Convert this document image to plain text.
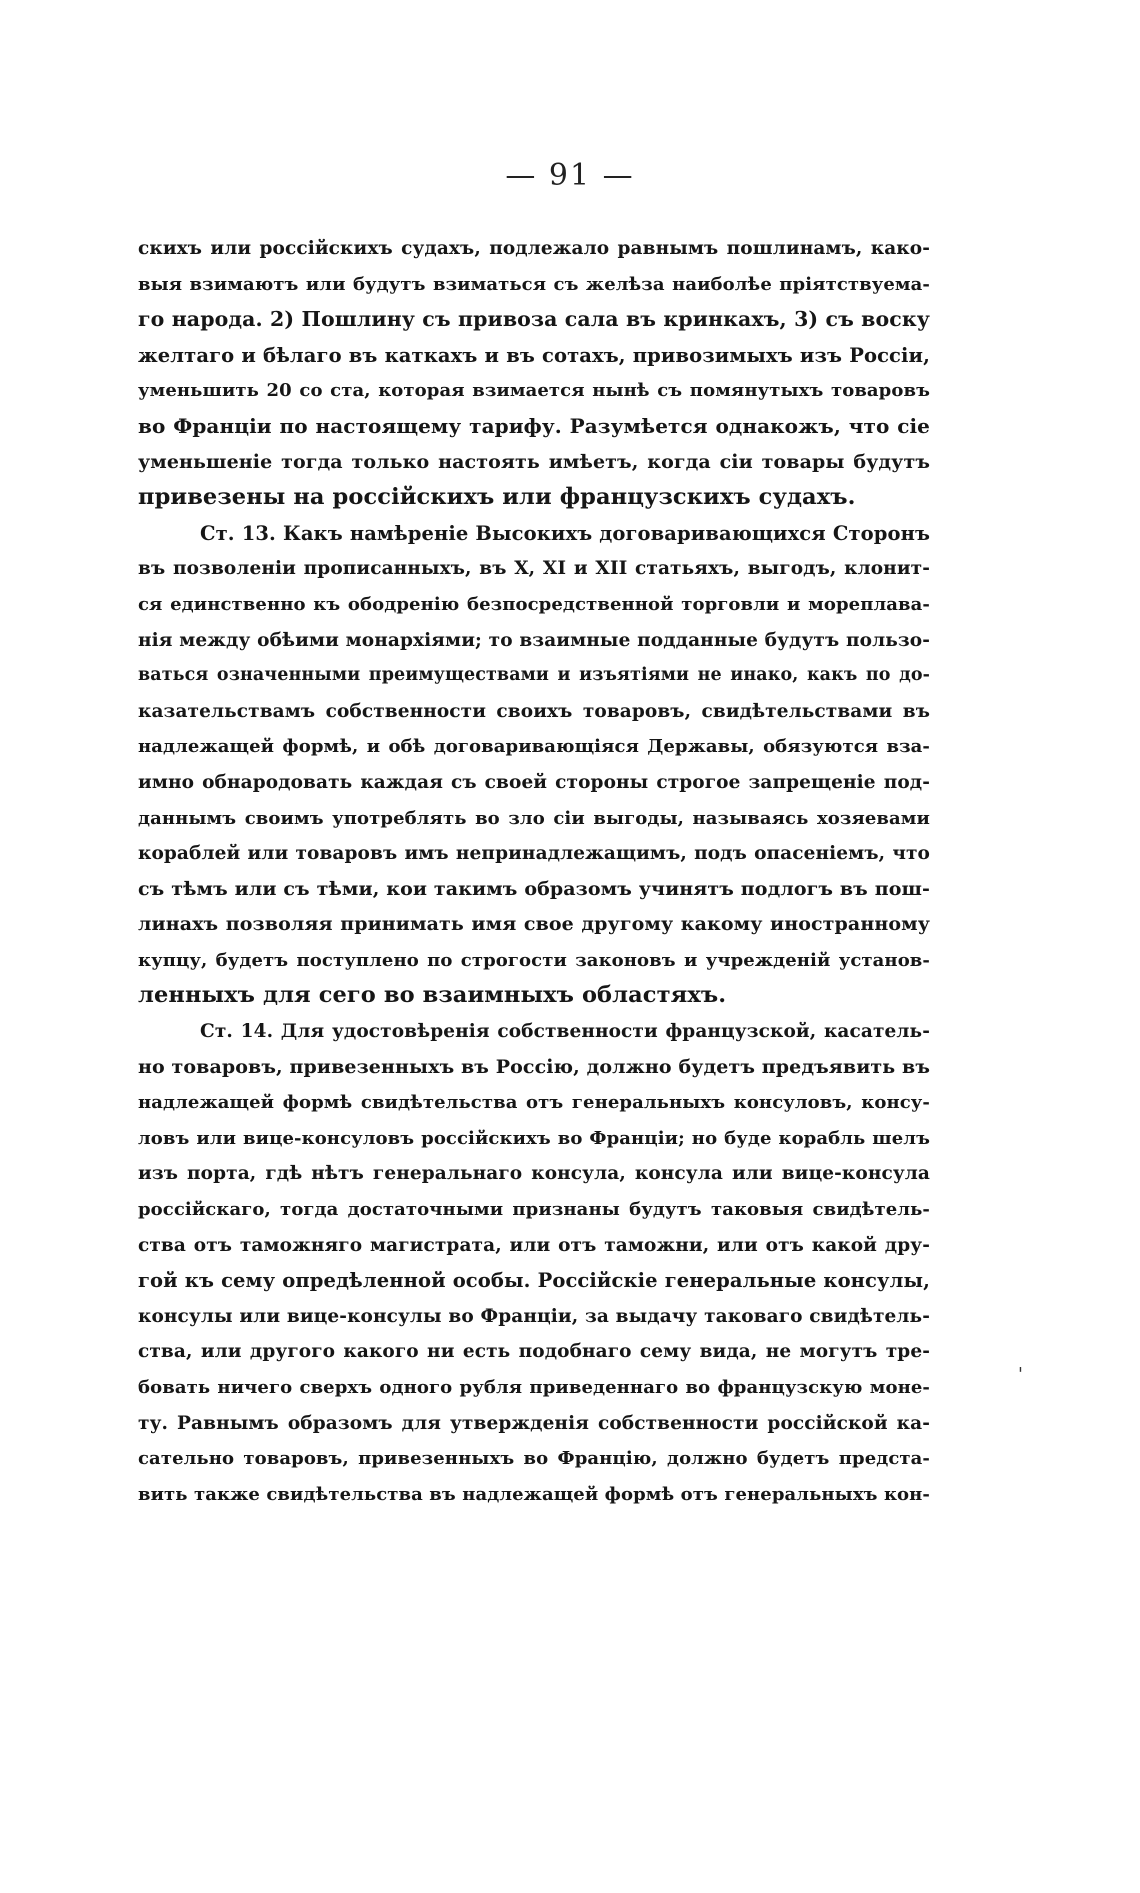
— 91 —
скихъ или россійскихъ судахъ, подлежало равнымъ пошлинамъ, како-
выя взимаютъ или будутъ взиматься съ желѣза наиболѣе пріятствуема-
го народа. 2) Пошлину съ привоза сала въ кринкахъ, 3) съ воску
желтаго и бѣлаго въ каткахъ и въ сотахъ, привозимыхъ изъ Россіи,
уменьшить 20 со ста, которая взимается нынѣ съ помянутыхъ товаровъ
во Франціи по настоящему тарифу. Разумѣется однакожъ, что сіе
уменьшеніе тогда только настоять имѣетъ, когда сіи товары будутъ
привезены на россійскихъ или французскихъ судахъ.
Ст. 13. Какъ намѣреніе Высокихъ договаривающихся Сторонъ
въ позволеніи прописанныхъ, въ X, XI и XII статьяхъ, выгодъ, клонит-
ся единственно къ ободренію безпосредственной торговли и мореплава-
нія между обѣими монархіями; то взаимные подданные будутъ пользо-
ваться означенными преимуществами и изъятіями не инако, какъ по до-
казательствамъ собственности своихъ товаровъ, свидѣтельствами въ
надлежащей формѣ, и обѣ договаривающіяся Державы, обязуются вза-
имно обнародовать каждая съ своей стороны строгое запрещеніе под-
даннымъ своимъ употреблять во зло сіи выгоды, называясь хозяевами
кораблей или товаровъ имъ непринадлежащимъ, подъ опасеніемъ, что
съ тѣмъ или съ тѣми, кои такимъ образомъ учинятъ подлогъ въ пош-
линахъ позволяя принимать имя свое другому какому иностранному
купцу, будетъ поступлено по строгости законовъ и учрежденій установ-
ленныхъ для сего во взаимныхъ областяхъ.
Ст. 14. Для удостовѣренія собственности французской, касатель-
но товаровъ, привезенныхъ въ Россію, должно будетъ предъявить въ
надлежащей формѣ свидѣтельства отъ генеральныхъ консуловъ, консу-
ловъ или вице-консуловъ россійскихъ во Франціи; но буде корабль шелъ
изъ порта, гдѣ нѣтъ генеральнаго консула, консула или вице-консула
россійскаго, тогда достаточными признаны будутъ таковыя свидѣтель-
ства отъ таможняго магистрата, или отъ таможни, или отъ какой дру-
гой къ сему опредѣленной особы. Россійскіе генеральные консулы,
консулы или вице-консулы во Франціи, за выдачу таковаго свидѣтель-
ства, или другого какого ни есть подобнаго сему вида, не могутъ тре-
бовать ничего сверхъ одного рубля приведеннаго во французскую моне-
ту. Равнымъ образомъ для утвержденія собственности россійской ка-
сательно товаровъ, привезенныхъ во Францію, должно будетъ предста-
вить также свидѣтельства въ надлежащей формѣ отъ генеральныхъ кон-
ꞌ
